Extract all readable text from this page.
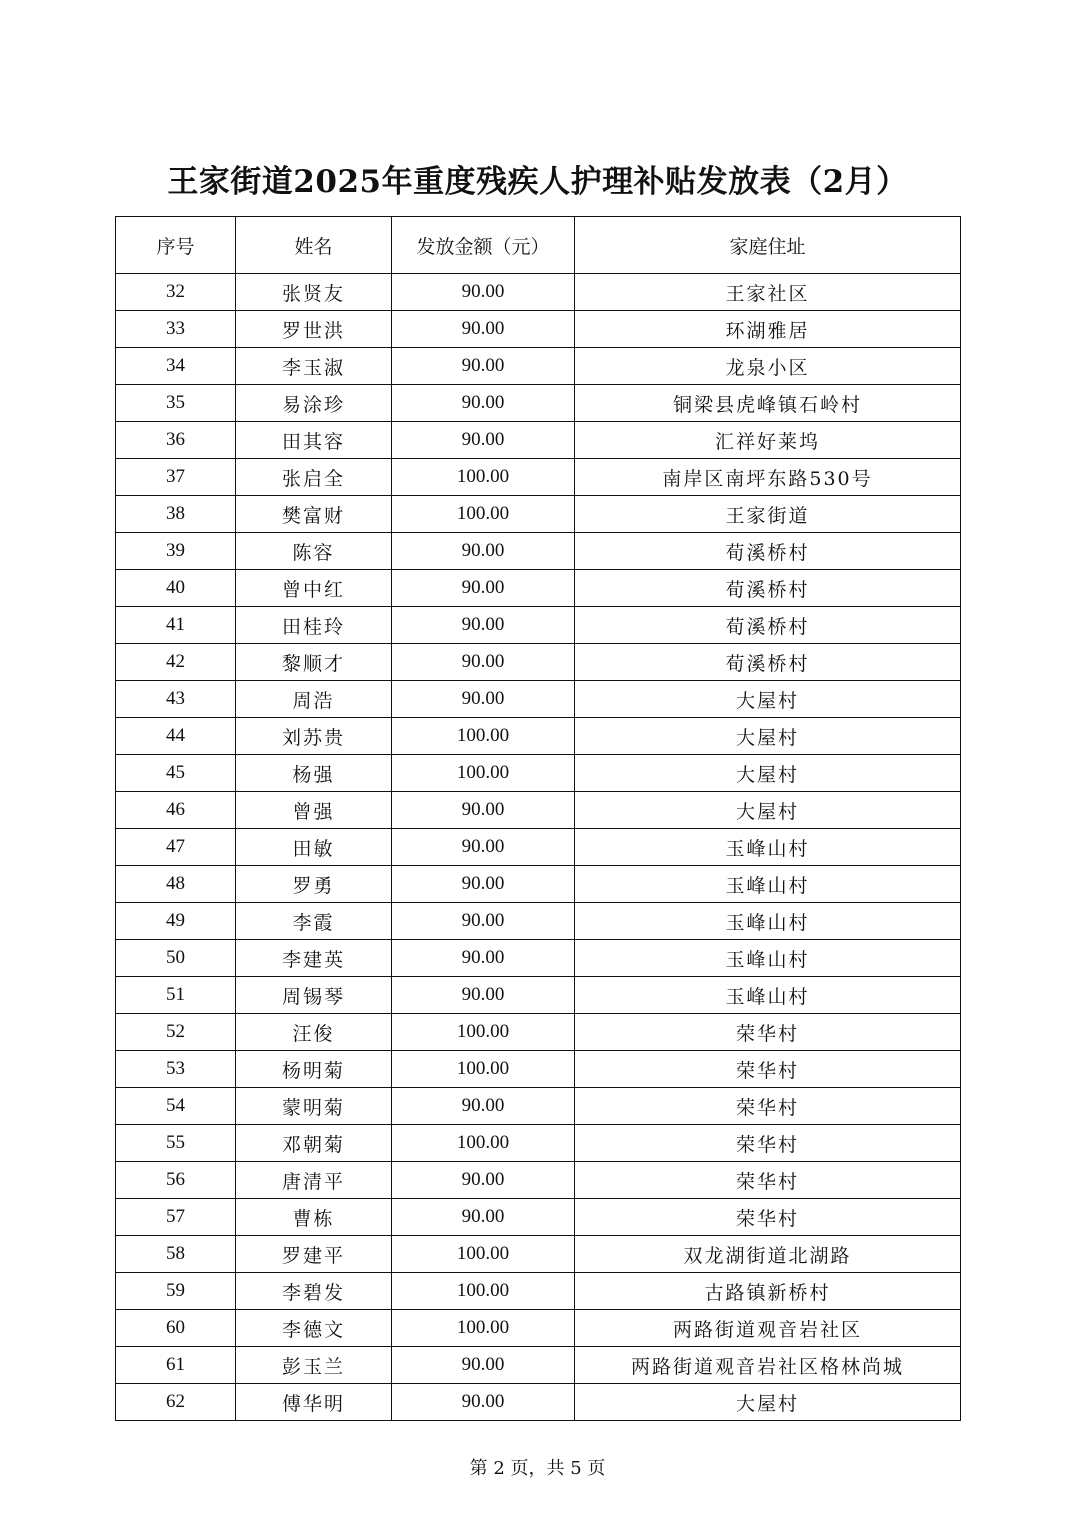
王家街道2025年重度残疾人护理补贴发放表（2月）
序号	姓名	发放金额（元）	家庭住址
32	张贤友	90.00	王家社区
33	罗世洪	90.00	环湖雅居
34	李玉淑	90.00	龙泉小区
35	易涂珍	90.00	铜梁县虎峰镇石岭村
36	田其容	90.00	汇祥好莱坞
37	张启全	100.00	南岸区南坪东路530号
38	樊富财	100.00	王家街道
39	陈容	90.00	荀溪桥村
40	曾中红	90.00	荀溪桥村
41	田桂玲	90.00	荀溪桥村
42	黎顺才	90.00	荀溪桥村
43	周浩	90.00	大屋村
44	刘苏贵	100.00	大屋村
45	杨强	100.00	大屋村
46	曾强	90.00	大屋村
47	田敏	90.00	玉峰山村
48	罗勇	90.00	玉峰山村
49	李霞	90.00	玉峰山村
50	李建英	90.00	玉峰山村
51	周锡琴	90.00	玉峰山村
52	汪俊	100.00	荣华村
53	杨明菊	100.00	荣华村
54	蒙明菊	90.00	荣华村
55	邓朝菊	100.00	荣华村
56	唐清平	90.00	荣华村
57	曹栋	90.00	荣华村
58	罗建平	100.00	双龙湖街道北湖路
59	李碧发	100.00	古路镇新桥村
60	李德文	100.00	两路街道观音岩社区
61	彭玉兰	90.00	两路街道观音岩社区格林尚城
62	傅华明	90.00	大屋村
第 2 页，共 5 页
